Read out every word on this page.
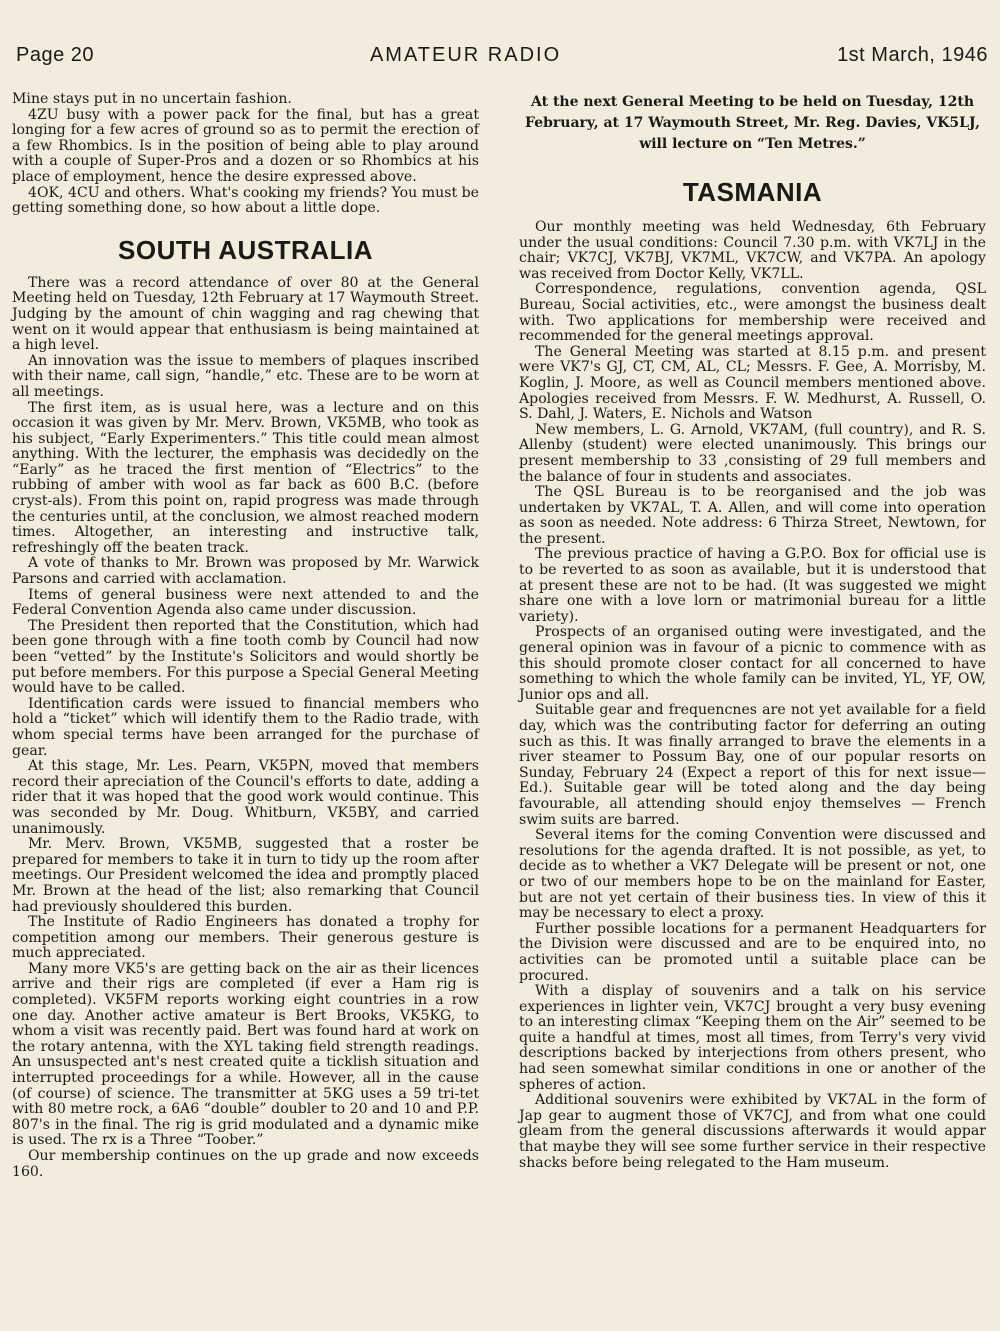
Page 20	AMATEUR RADIO	1st March, 1946

Mine stays put in no uncertain fashion.

4ZU busy with a power pack for the final, but has a great longing for a few acres of ground so as to permit the erection of a few Rhombics. Is in the position of being able to play around with a couple of Super-Pros and a dozen or so Rhombics at his place of employment, hence the desire expressed above.

4OK, 4CU and others. What's cooking my friends? You must be getting something done, so how about a little dope.

SOUTH AUSTRALIA

There was a record attendance of over 80 at the General Meeting held on Tuesday, 12th February at 17 Waymouth Street. Judging by the amount of chin wagging and rag chewing that went on it would appear that enthusiasm is being maintained at a high level.

An innovation was the issue to members of plaques inscribed with their name, call sign, “handle,” etc. These are to be worn at all meetings.

The first item, as is usual here, was a lecture and on this occasion it was given by Mr. Merv. Brown, VK5MB, who took as his subject, “Early Experimenters.” This title could mean almost anything. With the lecturer, the emphasis was decidedly on the “Early” as he traced the first mention of “Electrics” to the rubbing of amber with wool as far back as 600 B.C. (before cryst-als). From this point on, rapid progress was made through the centuries until, at the conclusion, we almost reached modern times. Altogether, an interesting and instructive talk, refreshingly off the beaten track.

A vote of thanks to Mr. Brown was proposed by Mr. Warwick Parsons and carried with acclamation.

Items of general business were next attended to and the Federal Convention Agenda also came under discussion.

The President then reported that the Constitution, which had been gone through with a fine tooth comb by Council had now been “vetted” by the Institute's Solicitors and would shortly be put before members. For this purpose a Special General Meeting would have to be called.

Identification cards were issued to financial members who hold a “ticket” which will identify them to the Radio trade, with whom special terms have been arranged for the purchase of gear.

At this stage, Mr. Les. Pearn, VK5PN, moved that members record their apreciation of the Council's efforts to date, adding a rider that it was hoped that the good work would continue. This was seconded by Mr. Doug. Whitburn, VK5BY, and carried unanimously.

Mr. Merv. Brown, VK5MB, suggested that a roster be prepared for members to take it in turn to tidy up the room after meetings. Our President welcomed the idea and promptly placed Mr. Brown at the head of the list; also remarking that Council had previously shouldered this burden.

The Institute of Radio Engineers has donated a trophy for competition among our members. Their generous gesture is much appreciated.

Many more VK5's are getting back on the air as their licences arrive and their rigs are completed (if ever a Ham rig is completed). VK5FM reports working eight countries in a row one day. Another active amateur is Bert Brooks, VK5KG, to whom a visit was recently paid. Bert was found hard at work on the rotary antenna, with the XYL taking field strength readings. An unsuspected ant's nest created quite a ticklish situation and interrupted proceedings for a while. However, all in the cause (of course) of science. The transmitter at 5KG uses a 59 tri-tet with 80 metre rock, a 6A6 “double” doubler to 20 and 10 and P.P. 807's in the final. The rig is grid modulated and a dynamic mike is used. The rx is a Three “Toober.”

Our membership continues on the up grade and now exceeds 160.

At the next General Meeting to be held on Tuesday, 12th February, at 17 Waymouth Street, Mr. Reg. Davies, VK5LJ, will lecture on “Ten Metres.”
TASMANIA

Our monthly meeting was held Wednesday, 6th February under the usual conditions: Council 7.30 p.m. with VK7LJ in the chair; VK7CJ, VK7BJ, VK7ML, VK7CW, and VK7PA. An apology was received from Doctor Kelly, VK7LL.

Correspondence, regulations, convention agenda, QSL Bureau, Social activities, etc., were amongst the business dealt with. Two applications for membership were received and recommended for the general meetings approval.

The General Meeting was started at 8.15 p.m. and present were VK7's GJ, CT, CM, AL, CL; Messrs. F. Gee, A. Morrisby, M. Koglin, J. Moore, as well as Council members mentioned above. Apologies received from Messrs. F. W. Medhurst, A. Russell, O. S. Dahl, J. Waters, E. Nichols and Watson

New members, L. G. Arnold, VK7AM, (full country), and R. S. Allenby (student) were elected unanimously. This brings our present membership to 33 ,consisting of 29 full members and the balance of four in students and associates.

The QSL Bureau is to be reorganised and the job was undertaken by VK7AL, T. A. Allen, and will come into operation as soon as needed. Note address: 6 Thirza Street, Newtown, for the present.

The previous practice of having a G.P.O. Box for official use is to be reverted to as soon as available, but it is understood that at present these are not to be had. (It was suggested we might share one with a love lorn or matrimonial bureau for a little variety).

Prospects of an organised outing were investigated, and the general opinion was in favour of a picnic to commence with as this should promote closer contact for all concerned to have something to which the whole family can be invited, YL, YF, OW, Junior ops and all.

Suitable gear and frequencnes are not yet available for a field day, which was the contributing factor for deferring an outing such as this. It was finally arranged to brave the elements in a river steamer to Possum Bay, one of our popular resorts on Sunday, February 24 (Expect a report of this for next issue—Ed.). Suitable gear will be toted along and the day being favourable, all attending should enjoy themselves — French swim suits are barred.

Several items for the coming Convention were discussed and resolutions for the agenda drafted. It is not possible, as yet, to decide as to whether a VK7 Delegate will be present or not, one or two of our members hope to be on the mainland for Easter, but are not yet certain of their business ties. In view of this it may be necessary to elect a proxy.

Further possible locations for a permanent Headquarters for the Division were discussed and are to be enquired into, no activities can be promoted until a suitable place can be procured.

With a display of souvenirs and a talk on his service experiences in lighter vein, VK7CJ brought a very busy evening to an interesting climax “Keeping them on the Air” seemed to be quite a handful at times, most all times, from Terry's very vivid descriptions backed by interjections from others present, who had seen somewhat similar conditions in one or another of the spheres of action.

Additional souvenirs were exhibited by VK7AL in the form of Jap gear to augment those of VK7CJ, and from what one could gleam from the general discussions afterwards it would appar that maybe they will see some further service in their respective shacks before being relegated to the Ham museum.
